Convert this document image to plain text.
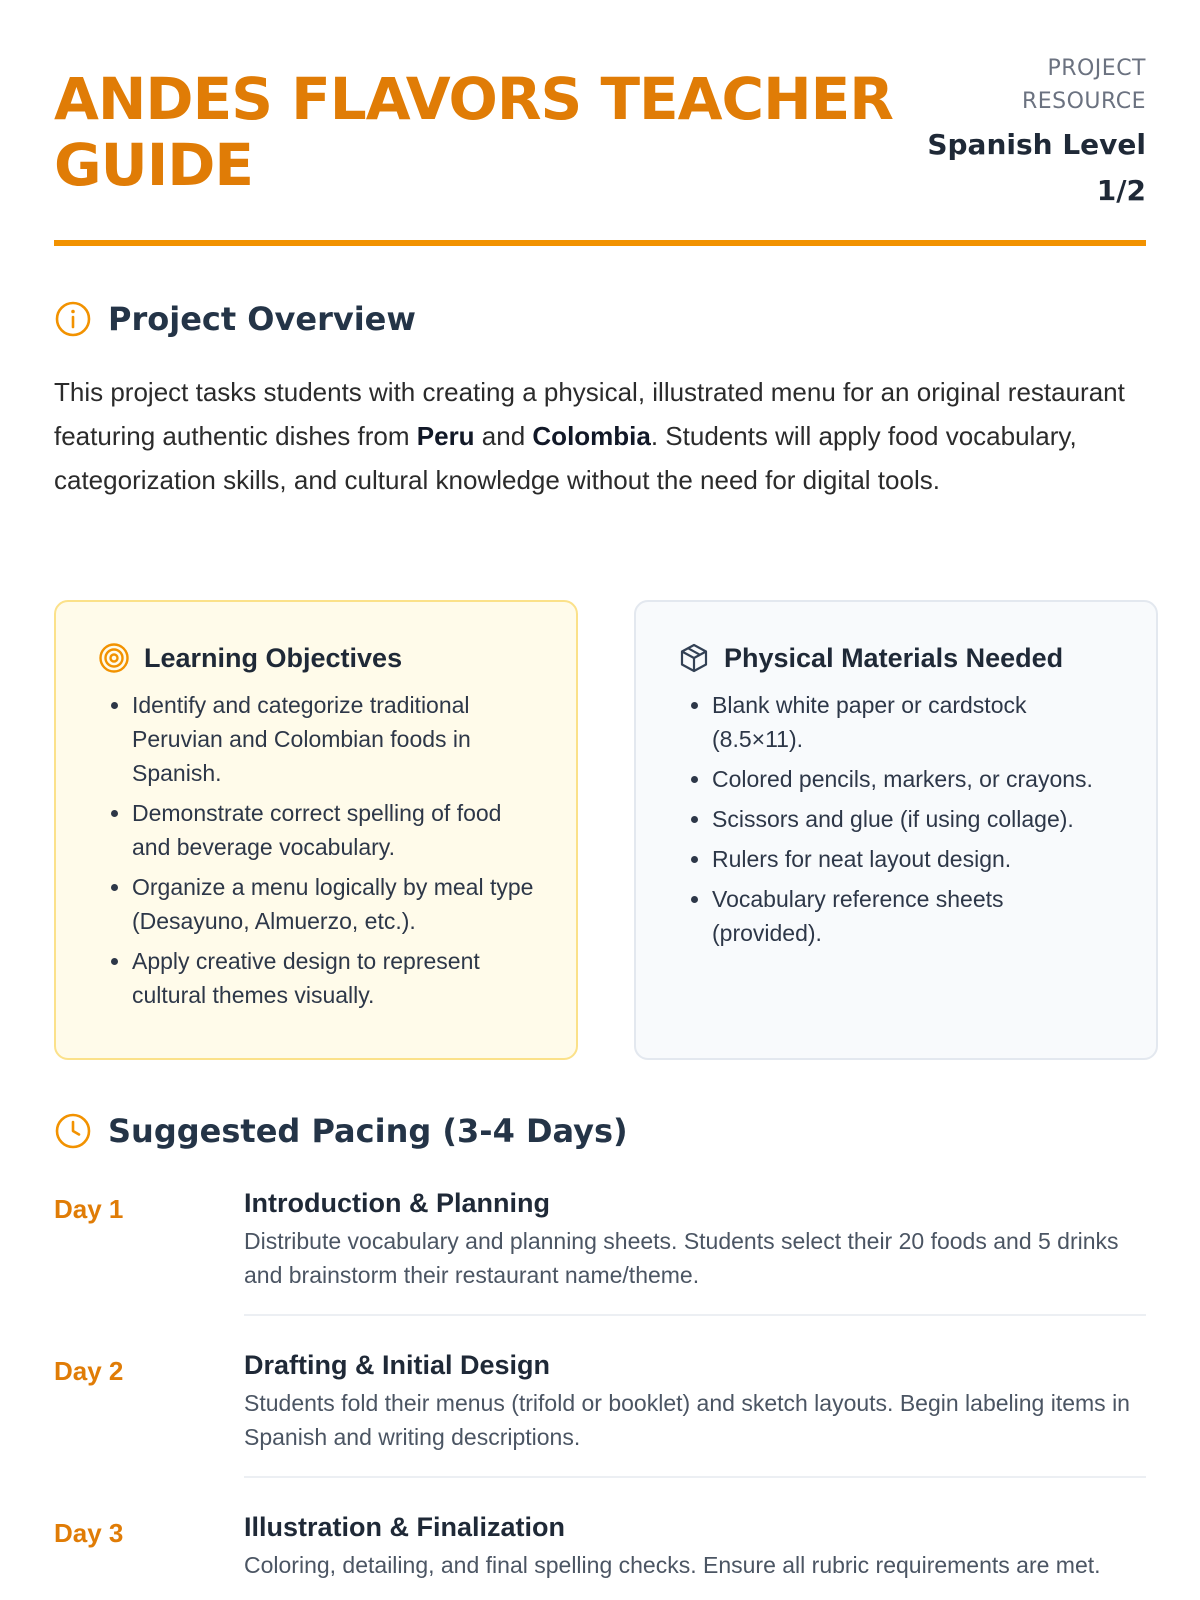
ANDES FLAVORS TEACHER GUIDE
PROJECT RESOURCE
Spanish Level 1/2
Project Overview

This project tasks students with creating a physical, illustrated menu for an original restaurant featuring authentic dishes from Peru and Colombia. Students will apply food vocabulary, categorization skills, and cultural knowledge without the need for digital tools.

Learning Objectives
• Identify and categorize traditional Peruvian and Colombian foods in Spanish.
• Demonstrate correct spelling of food and beverage vocabulary.
• Organize a menu logically by meal type (Desayuno, Almuerzo, etc.).
• Apply creative design to represent cultural themes visually.
Physical Materials Needed
• Blank white paper or cardstock (8.5×11).
• Colored pencils, markers, or crayons.
• Scissors and glue (if using collage).
• Rulers for neat layout design.
• Vocabulary reference sheets (provided).
Suggested Pacing (3-4 Days)
Day 1	Introduction & Planning
Distribute vocabulary and planning sheets. Students select their 20 foods and 5 drinks and brainstorm their restaurant name/theme.
Day 2	Drafting & Initial Design
Students fold their menus (trifold or booklet) and sketch layouts. Begin labeling items in Spanish and writing descriptions.
Day 3	Illustration & Finalization
Coloring, detailing, and final spelling checks. Ensure all rubric requirements are met.
